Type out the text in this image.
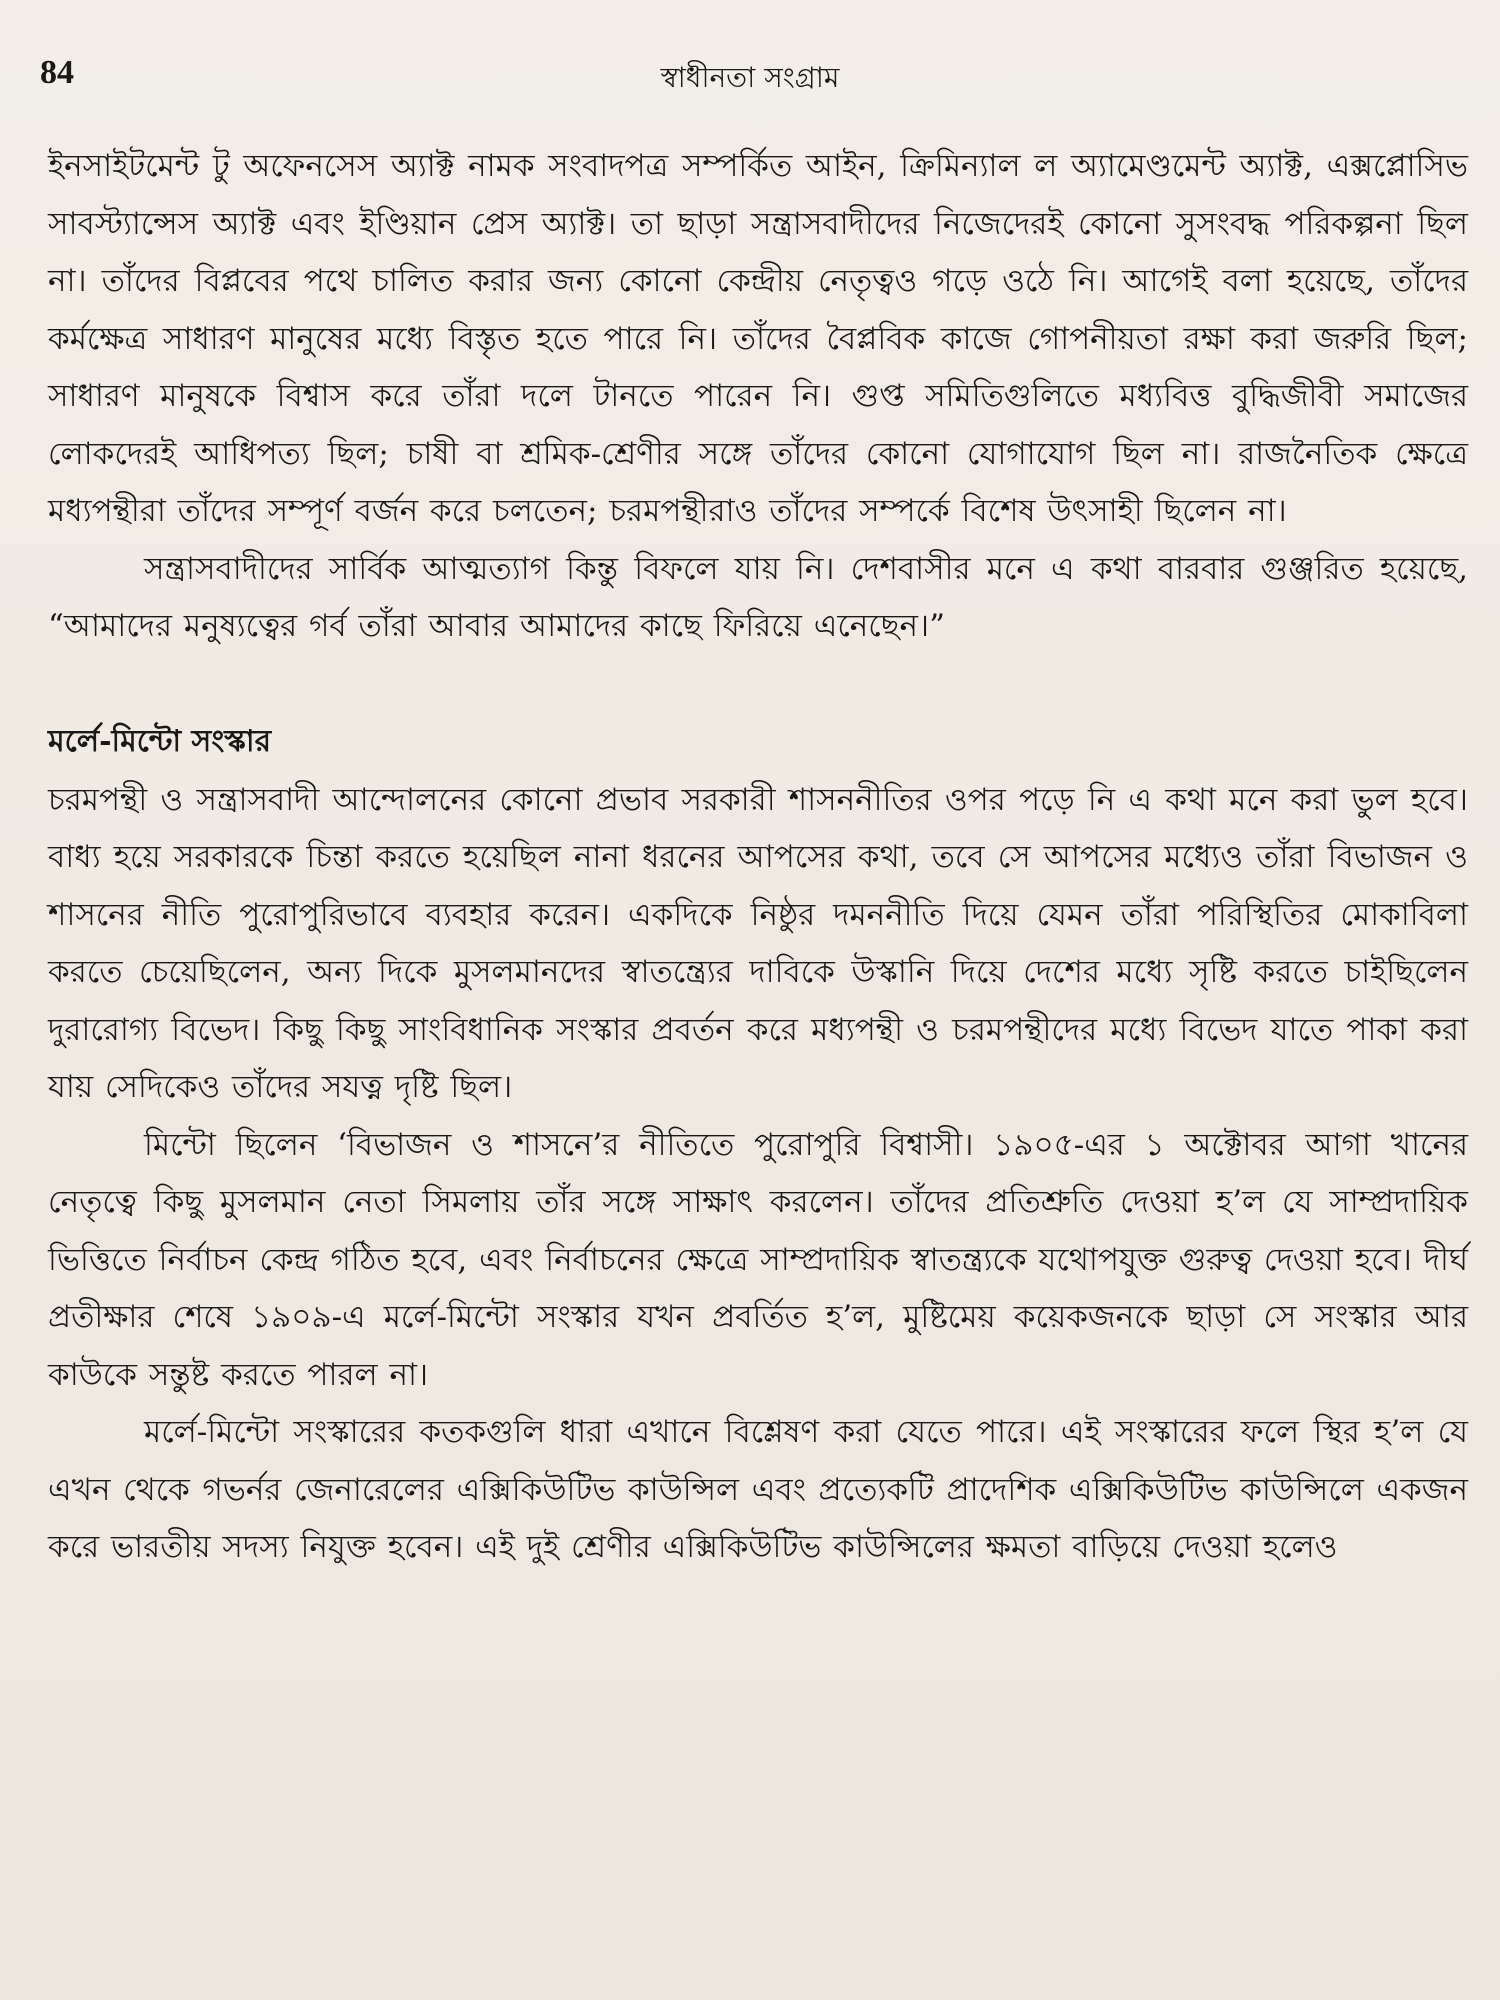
84	স্বাধীনতা সংগ্রাম

ইনসাইটমেন্ট টু অফেনসেস অ্যাক্ট নামক সংবাদপত্র সম্পর্কিত আইন, ক্রিমিন্যাল ল অ্যামেণ্ডমেন্ট অ্যাক্ট, এক্সপ্লোসিভ সাবস্ট্যান্সেস অ্যাক্ট এবং ইণ্ডিয়ান প্রেস অ্যাক্ট। তা ছাড়া সন্ত্রাসবাদীদের নিজেদেরই কোনো সুসংবদ্ধ পরিকল্পনা ছিল না। তাঁদের বিপ্লবের পথে চালিত করার জন্য কোনো কেন্দ্রীয় নেতৃত্বও গড়ে ওঠে নি। আগেই বলা হয়েছে, তাঁদের কর্মক্ষেত্র সাধারণ মানুষের মধ্যে বিস্তৃত হতে পারে নি। তাঁদের বৈপ্লবিক কাজে গোপনীয়তা রক্ষা করা জরুরি ছিল; সাধারণ মানুষকে বিশ্বাস করে তাঁরা দলে টানতে পারেন নি। গুপ্ত সমিতিগুলিতে মধ্যবিত্ত বুদ্ধিজীবী সমাজের লোকদেরই আধিপত্য ছিল; চাষী বা শ্রমিক-শ্রেণীর সঙ্গে তাঁদের কোনো যোগাযোগ ছিল না। রাজনৈতিক ক্ষেত্রে মধ্যপন্থীরা তাঁদের সম্পূর্ণ বর্জন করে চলতেন; চরমপন্থীরাও তাঁদের সম্পর্কে বিশেষ উৎসাহী ছিলেন না।

সন্ত্রাসবাদীদের সার্বিক আত্মত্যাগ কিন্তু বিফলে যায় নি। দেশবাসীর মনে এ কথা বারবার গুঞ্জরিত হয়েছে, “আমাদের মনুষ্যত্বের গর্ব তাঁরা আবার আমাদের কাছে ফিরিয়ে এনেছেন।”

মর্লে-মিন্টো সংস্কার

চরমপন্থী ও সন্ত্রাসবাদী আন্দোলনের কোনো প্রভাব সরকারী শাসননীতির ওপর পড়ে নি এ কথা মনে করা ভুল হবে। বাধ্য হয়ে সরকারকে চিন্তা করতে হয়েছিল নানা ধরনের আপসের কথা, তবে সে আপসের মধ্যেও তাঁরা বিভাজন ও শাসনের নীতি পুরোপুরিভাবে ব্যবহার করেন। একদিকে নিষ্ঠুর দমননীতি দিয়ে যেমন তাঁরা পরিস্থিতির মোকাবিলা করতে চেয়েছিলেন, অন্য দিকে মুসলমানদের স্বাতন্ত্র্যের দাবিকে উস্কানি দিয়ে দেশের মধ্যে সৃষ্টি করতে চাইছিলেন দুরারোগ্য বিভেদ। কিছু কিছু সাংবিধানিক সংস্কার প্রবর্তন করে মধ্যপন্থী ও চরমপন্থীদের মধ্যে বিভেদ যাতে পাকা করা যায় সেদিকেও তাঁদের সযত্ন দৃষ্টি ছিল।

মিন্টো ছিলেন ‘বিভাজন ও শাসনে’র নীতিতে পুরোপুরি বিশ্বাসী। ১৯০৫-এর ১ অক্টোবর আগা খানের নেতৃত্বে কিছু মুসলমান নেতা সিমলায় তাঁর সঙ্গে সাক্ষাৎ করলেন। তাঁদের প্রতিশ্রুতি দেওয়া হ’ল যে সাম্প্রদায়িক ভিত্তিতে নির্বাচন কেন্দ্র গঠিত হবে, এবং নির্বাচনের ক্ষেত্রে সাম্প্রদায়িক স্বাতন্ত্র্যকে যথোপযুক্ত গুরুত্ব দেওয়া হবে। দীর্ঘ প্রতীক্ষার শেষে ১৯০৯-এ মর্লে-মিন্টো সংস্কার যখন প্রবর্তিত হ’ল, মুষ্টিমেয় কয়েকজনকে ছাড়া সে সংস্কার আর কাউকে সন্তুষ্ট করতে পারল না।

মর্লে-মিন্টো সংস্কারের কতকগুলি ধারা এখানে বিশ্লেষণ করা যেতে পারে। এই সংস্কারের ফলে স্থির হ’ল যে এখন থেকে গভর্নর জেনারেলের এক্সিকিউটিভ কাউন্সিল এবং প্রত্যেকটি প্রাদেশিক এক্সিকিউটিভ কাউন্সিলে একজন করে ভারতীয় সদস্য নিযুক্ত হবেন। এই দুই শ্রেণীর এক্সিকিউটিভ কাউন্সিলের ক্ষমতা বাড়িয়ে দেওয়া হলেও
